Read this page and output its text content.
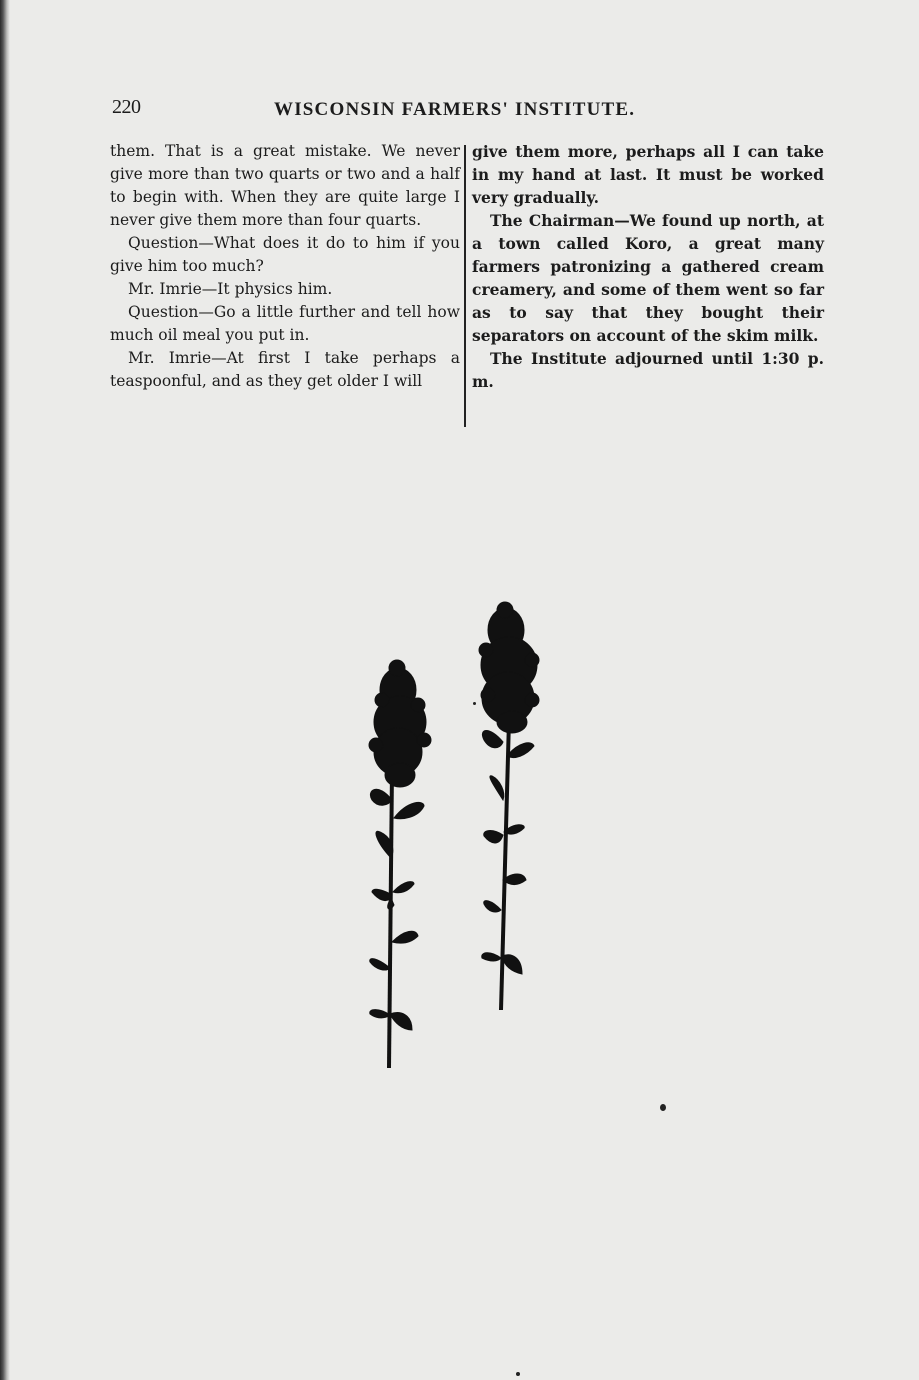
220	WISCONSIN FARMERS' INSTITUTE.

them. That is a great mistake. We never give more than two quarts or two and a half to begin with. When they are quite large I never give them more than four quarts.

Question—What does it do to him if you give him too much?

Mr. Imrie—It physics him.

Question—Go a little further and tell how much oil meal you put in.

Mr. Imrie—At first I take perhaps a teaspoonful, and as they get older I will

give them more, perhaps all I can take in my hand at last. It must be worked very gradually.

The Chairman—We found up north, at a town called Koro, a great many farmers patronizing a gathered cream creamery, and some of them went so far as to say that they bought their separators on account of the skim milk.

The Institute adjourned until 1:30 p. m.
